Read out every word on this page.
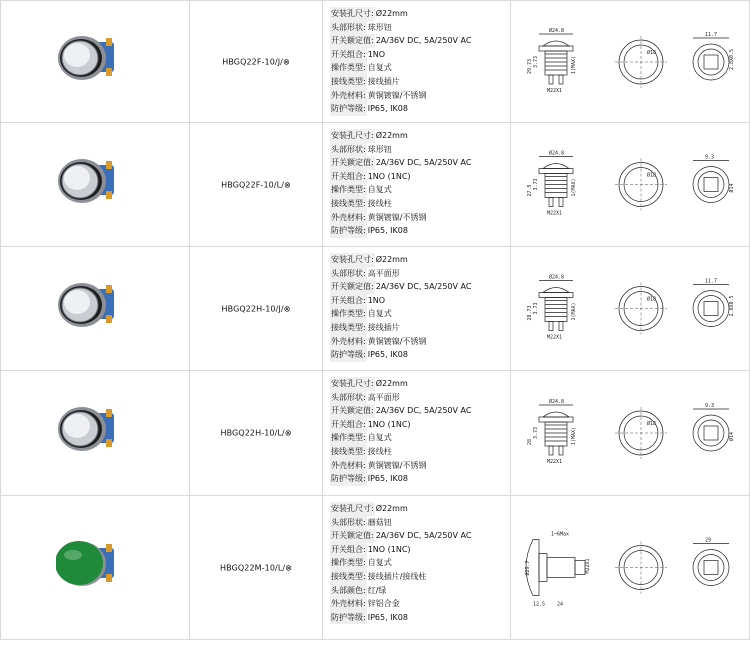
HBGQ22F-10/J/⊗
安装孔尺寸: Ø22mm
头部形状: 球形钮
开关额定值: 2A/36V DC, 5A/250V AC
开关组合: 1NO
操作类型: 自复式
接线类型: 接线插片
外壳材料: 黄铜镀镍/不锈钢
防护等级: IP65, IK08
Ø24.8
29.73 3.73	1(MAX)
M22X1
Ø18
11.7
2.8X0.5
HBGQ22F-10/L/⊗
安装孔尺寸: Ø22mm
头部形状: 球形钮
开关额定值: 2A/36V DC, 5A/250V AC
开关组合: 1NO (1NC)
操作类型: 自复式
接线类型: 接线柱
外壳材料: 黄铜镀镍/不锈钢
防护等级: IP65, IK08
Ø24.8
27.5 3.73	1(MAX)
M22X1
Ø18
9.3
Ø14
HBGQ22H-10/J/⊗
安装孔尺寸: Ø22mm
头部形状: 高平面形
开关额定值: 2A/36V DC, 5A/250V AC
开关组合: 1NO
操作类型: 自复式
接线类型: 接线插片
外壳材料: 黄铜镀镍/不锈钢
防护等级: IP65, IK08
Ø24.8
28.73 3.73	1(MAX)
M22X1
Ø18
11.7
2.8X0.5
HBGQ22H-10/L/⊗
安装孔尺寸: Ø22mm
头部形状: 高平面形
开关额定值: 2A/36V DC, 5A/250V AC
开关组合: 1NO (1NC)
操作类型: 自复式
接线类型: 接线柱
外壳材料: 黄铜镀镍/不锈钢
防护等级: IP65, IK08
Ø24.8
28
3.73	1(MAX)
M22X1
Ø18
9.3
Ø14
HBGQ22M-10/L/⊗
安装孔尺寸: Ø22mm
头部形状: 蘑菇钮
开关额定值: 2A/36V DC, 5A/250V AC
开关组合: 1NO (1NC)
操作类型: 自复式
接线类型: 接线插片/接线柱
头部颜色: 红/绿
外壳材料: 锌铝合金
防护等级: IP65, IK08
1~6Max
Ø29.7
12.5 24
M22X1
29
